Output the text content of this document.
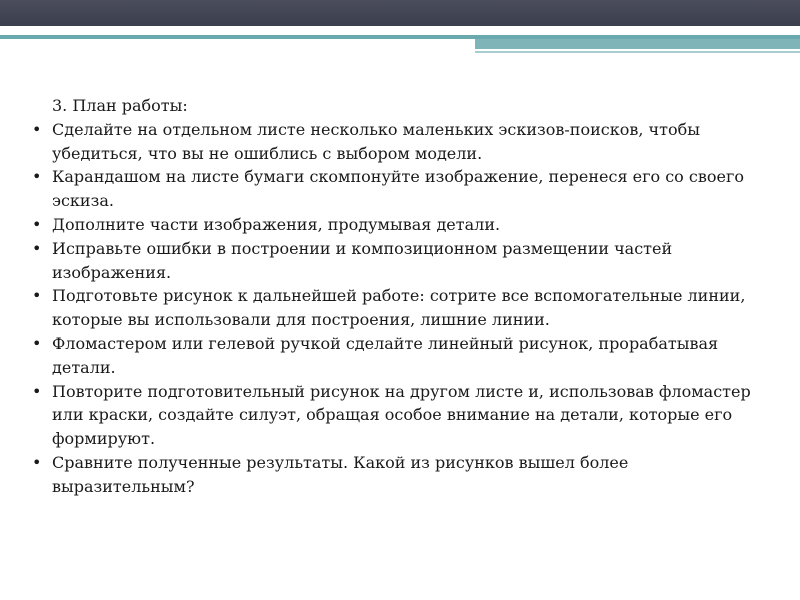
3. План работы:
• Сделайте на отдельном листе несколько маленьких эскизов-поисков, чтобы убедиться, что вы не ошиблись с выбором модели.
• Карандашом на листе бумаги скомпонуйте изображение, перенеся его со своего эскиза.
• Дополните части изображения, продумывая детали.
• Исправьте ошибки в построении и композиционном размещении частей изображения.
• Подготовьте рисунок к дальнейшей работе: сотрите все вспомогательные линии, которые вы использовали для построения, лишние линии.
• Фломастером или гелевой ручкой сделайте линейный рисунок, прорабатывая детали.
• Повторите подготовительный рисунок на другом листе и, использовав фломастер или краски, создайте силуэт, обращая особое внимание на детали, которые его формируют.
• Сравните полученные результаты. Какой из рисунков вышел более выразительным?
